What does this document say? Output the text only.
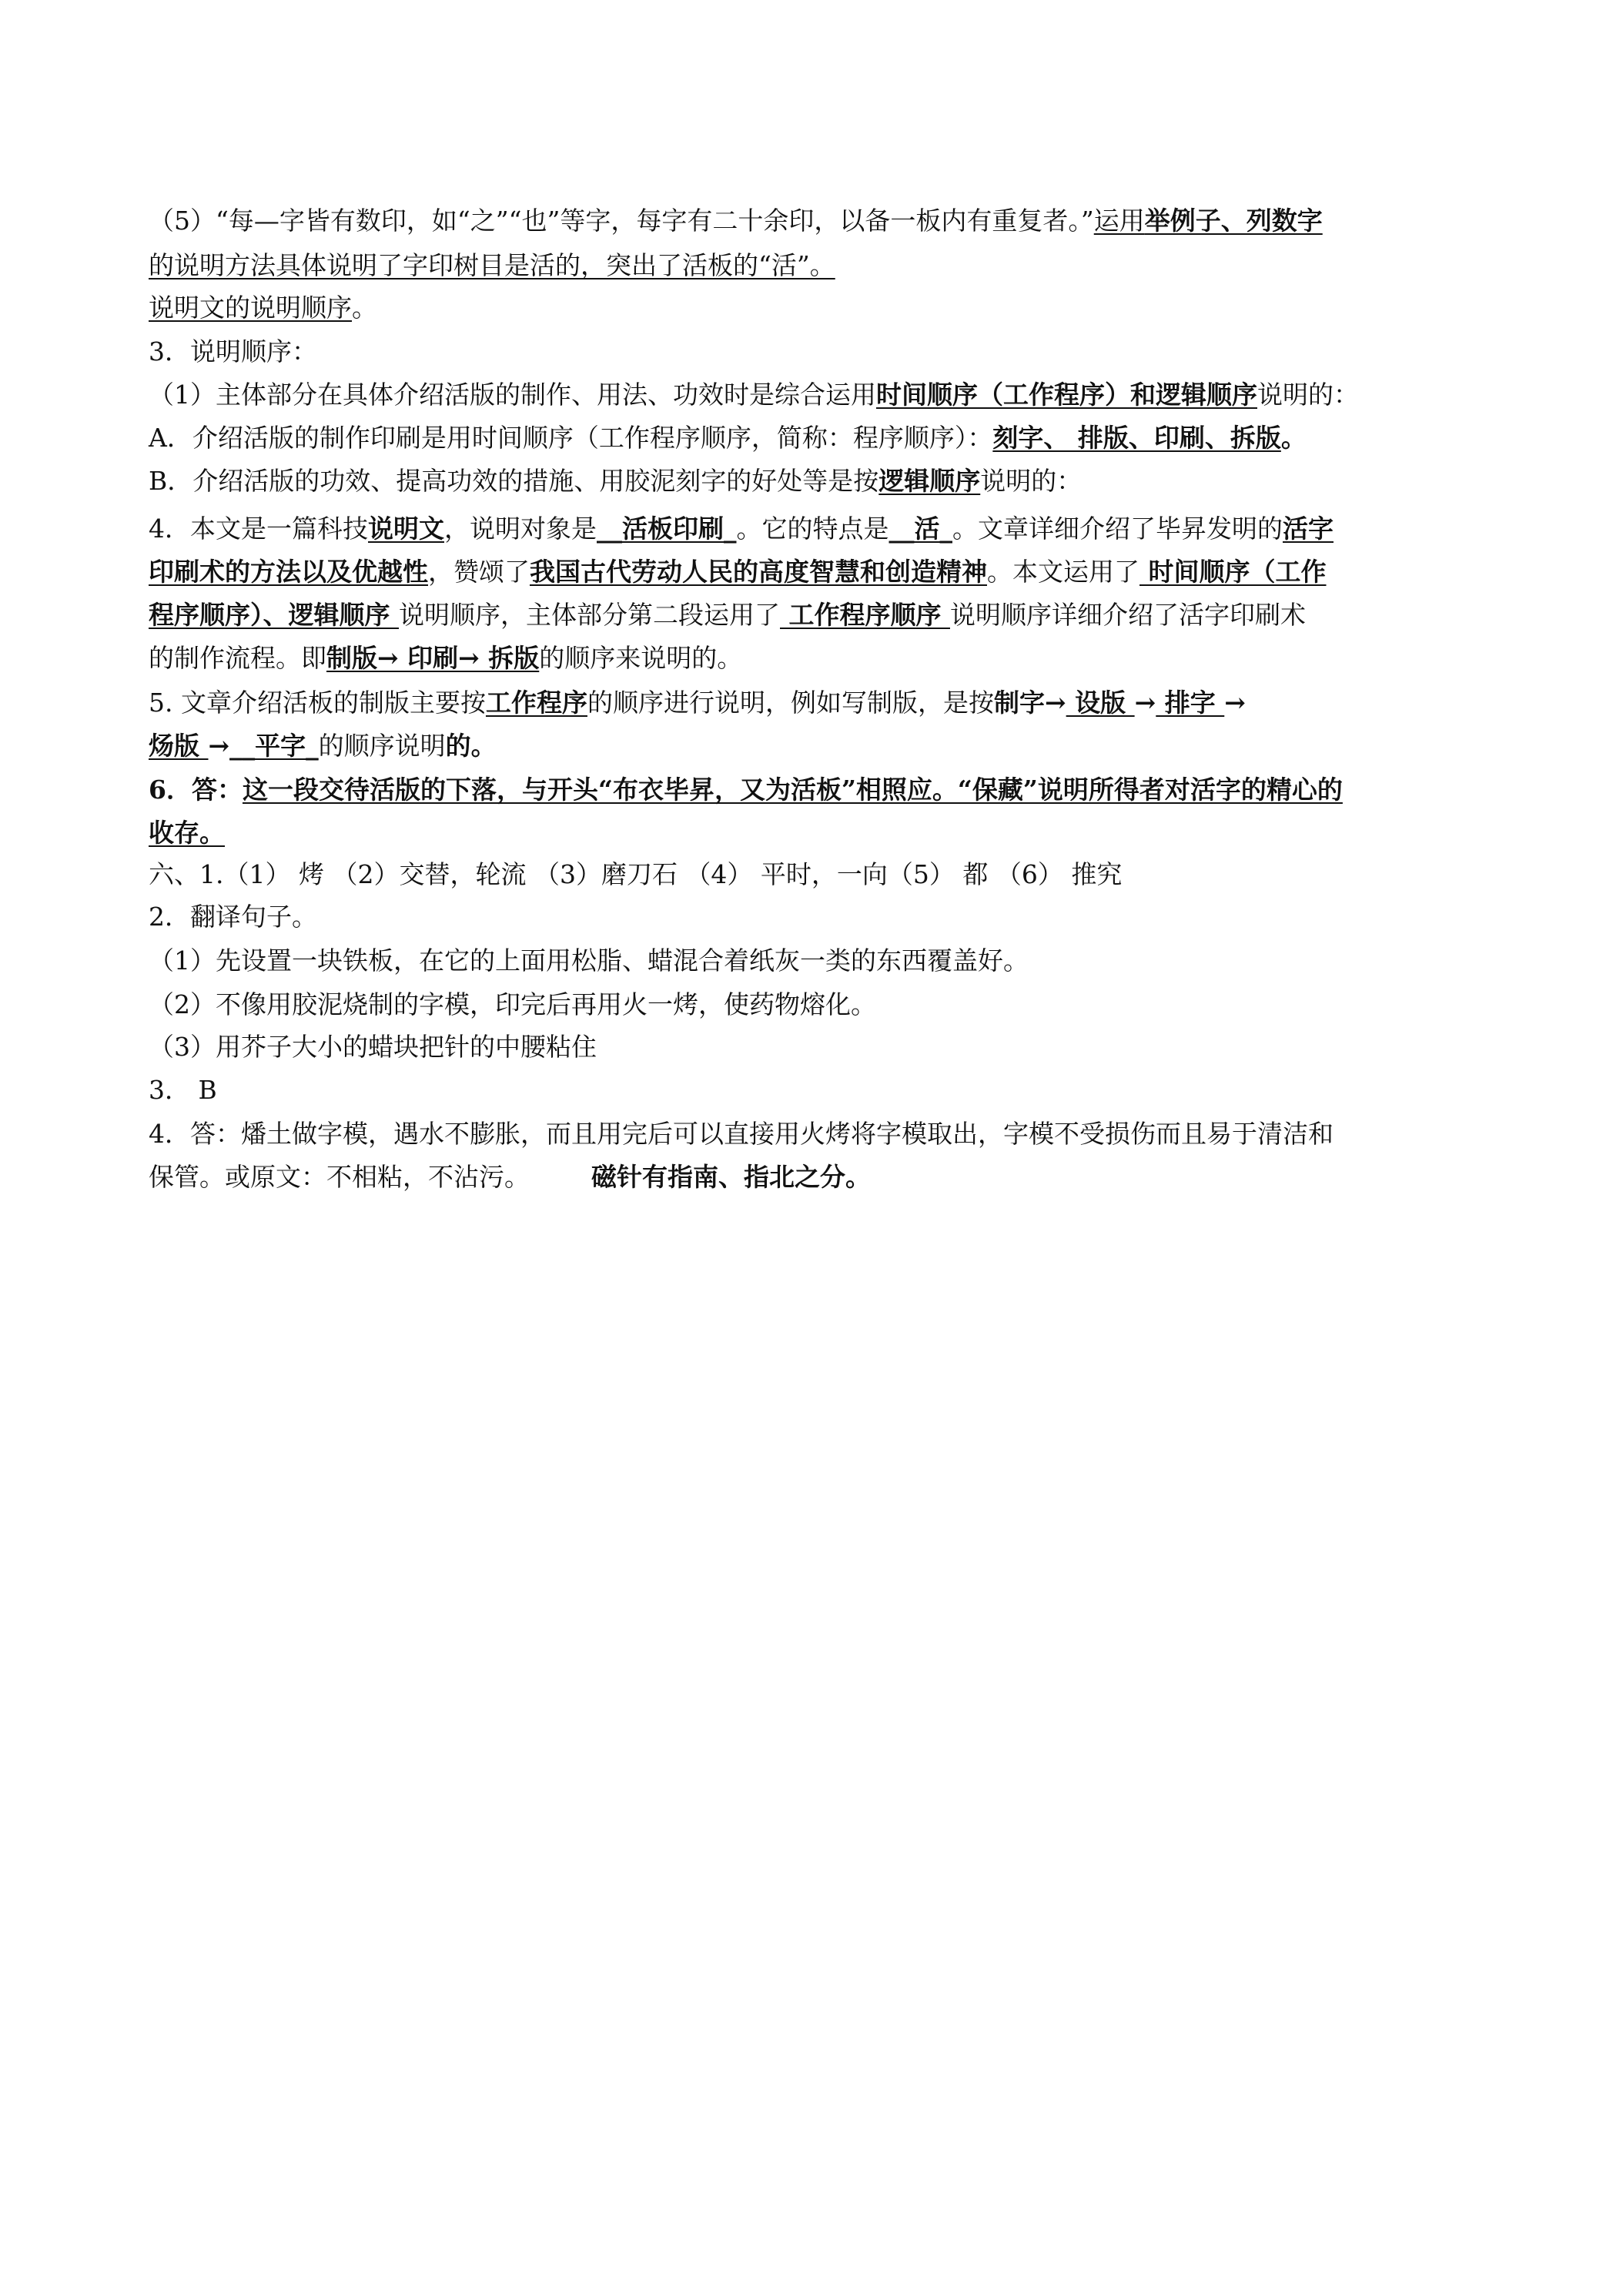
（5）“每—字皆有数印，如“之”“也”等字，每字有二十余印，以备一板内有重复者。”运用举例子、列数字
的说明方法具体说明了字印树目是活的，突出了活板的“活”。
说明文的说明顺序。
3．说明顺序：
（1）主体部分在具体介绍活版的制作、用法、功效时是综合运用时间顺序（工作程序）和逻辑顺序说明的：
A．介绍活版的制作印刷是用时间顺序（工作程序顺序，简称：程序顺序）：刻字、 排版、印刷、拆版。
B．介绍活版的功效、提高功效的措施、用胶泥刻字的好处等是按逻辑顺序说明的：
4．本文是一篇科技说明文，说明对象是__活板印刷_。它的特点是__活_。文章详细介绍了毕昇发明的活字
印刷术的方法以及优越性，赞颂了我国古代劳动人民的高度智慧和创造精神。本文运用了 时间顺序（工作
程序顺序）、逻辑顺序 说明顺序，主体部分第二段运用了 工作程序顺序 说明顺序详细介绍了活字印刷术
的制作流程。即制版→ 印刷→ 拆版的顺序来说明的。
5. 文章介绍活板的制版主要按工作程序的顺序进行说明，例如写制版，是按制字→ 设版 → 排字 →
炀版 →__平字_的顺序说明的。
6．答：这一段交待活版的下落，与开头“布衣毕昇，又为活板”相照应。“保藏”说明所得者对活字的精心的
收存。
六、1.（1） 烤 （2）交替，轮流 （3）磨刀石 （4） 平时，一向（5） 都 （6） 推究
2．翻译句子。
（1）先设置一块铁板，在它的上面用松脂、蜡混合着纸灰一类的东西覆盖好。
（2）不像用胶泥烧制的字模，印完后再用火一烤，使药物熔化。
（3）用芥子大小的蜡块把针的中腰粘住
3． B
4．答：燔土做字模，遇水不膨胀，而且用完后可以直接用火烤将字模取出，字模不受损伤而且易于清洁和
保管。或原文：不相粘，不沾污。 磁针有指南、指北之分。
